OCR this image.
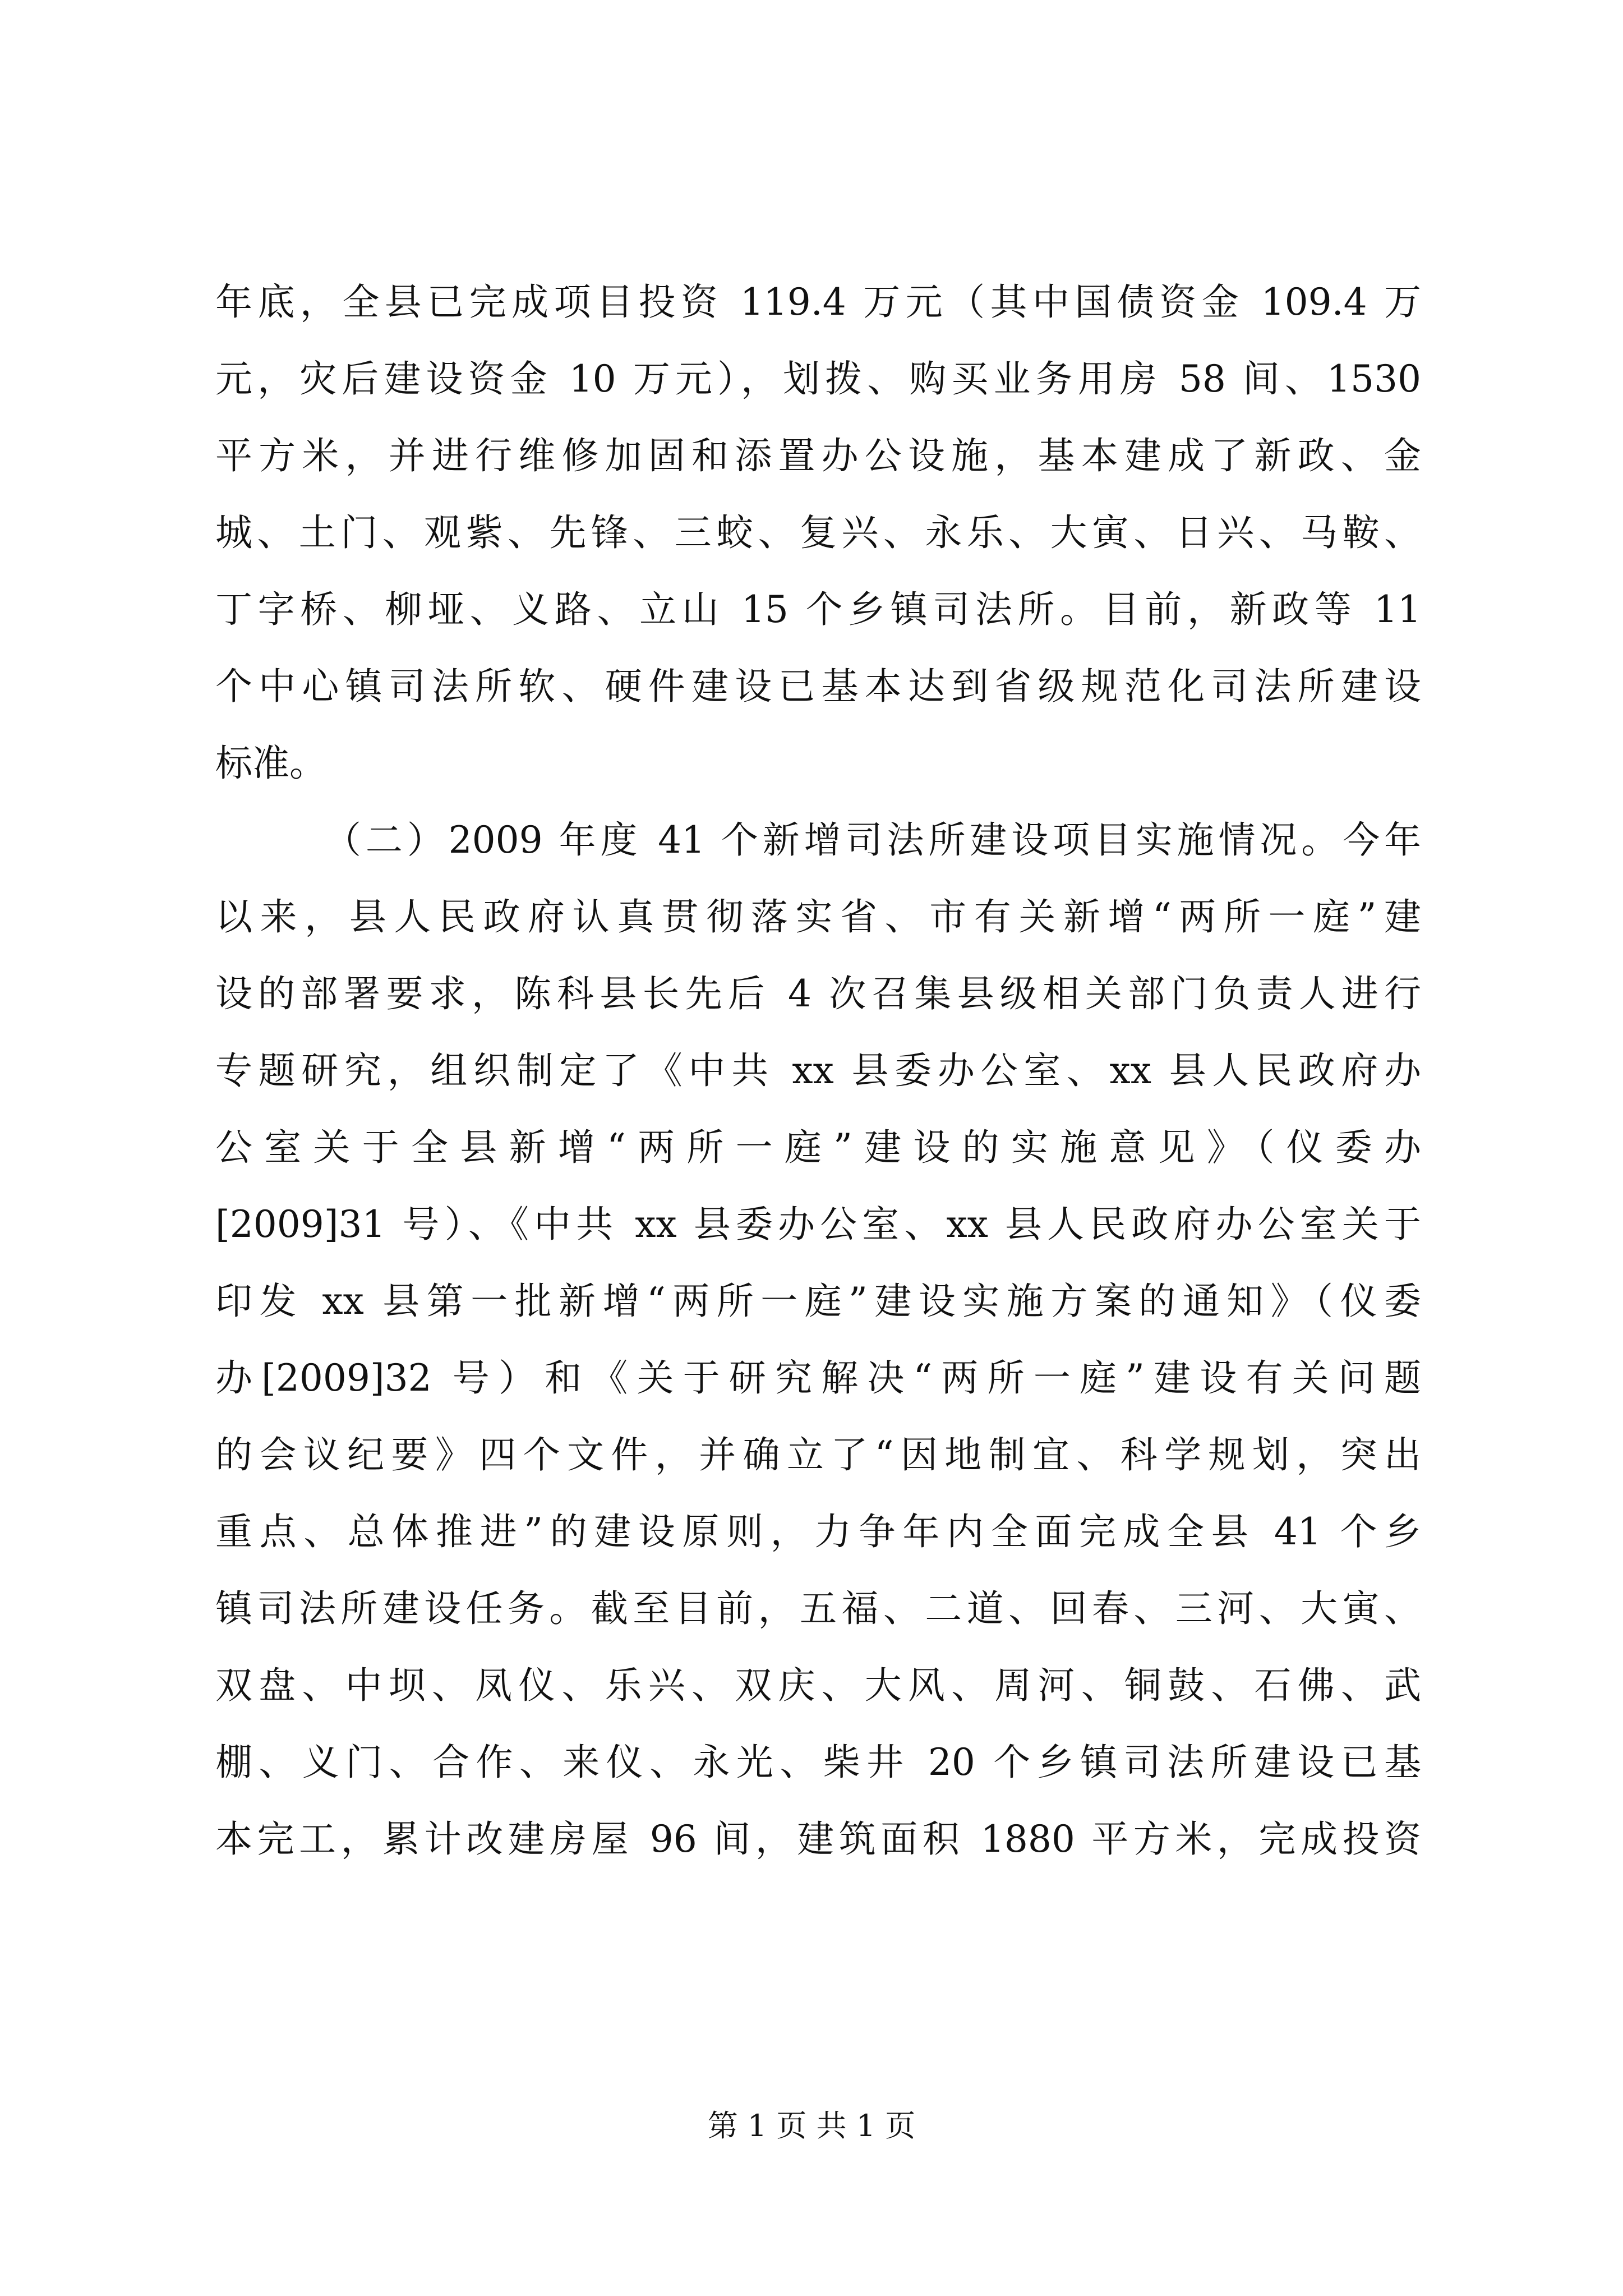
年底，全县已完成项目投资 119.4 万元（其中国债资金 109.4 万
元，灾后建设资金 10 万元），划拨、购买业务用房 58 间、1530
平方米，并进行维修加固和添置办公设施，基本建成了新政、金
城、土门、观紫、先锋、三蛟、复兴、永乐、大寅、日兴、马鞍、
丁字桥、柳垭、义路、立山 15 个乡镇司法所。目前，新政等 11
个中心镇司法所软、硬件建设已基本达到省级规范化司法所建设
标准。
（二）2009 年度 41 个新增司法所建设项目实施情况。今年
以来，县人民政府认真贯彻落实省、市有关新增“两所一庭”建
设的部署要求，陈科县长先后 4 次召集县级相关部门负责人进行
专题研究，组织制定了《中共 xx 县委办公室、xx 县人民政府办
公室关于全县新增“两所一庭”建设的实施意见》（仪委办
[2009]31 号）、《中共 xx 县委办公室、xx 县人民政府办公室关于
印发 xx 县第一批新增“两所一庭”建设实施方案的通知》（仪委
办[2009]32 号）和《关于研究解决“两所一庭”建设有关问题
的会议纪要》四个文件，并确立了“因地制宜、科学规划，突出
重点、总体推进”的建设原则，力争年内全面完成全县 41 个乡
镇司法所建设任务。截至目前，五福、二道、回春、三河、大寅、
双盘、中坝、凤仪、乐兴、双庆、大风、周河、铜鼓、石佛、武
棚、义门、合作、来仪、永光、柴井 20 个乡镇司法所建设已基
本完工，累计改建房屋 96 间，建筑面积 1880 平方米，完成投资
第 1 页 共 1 页
